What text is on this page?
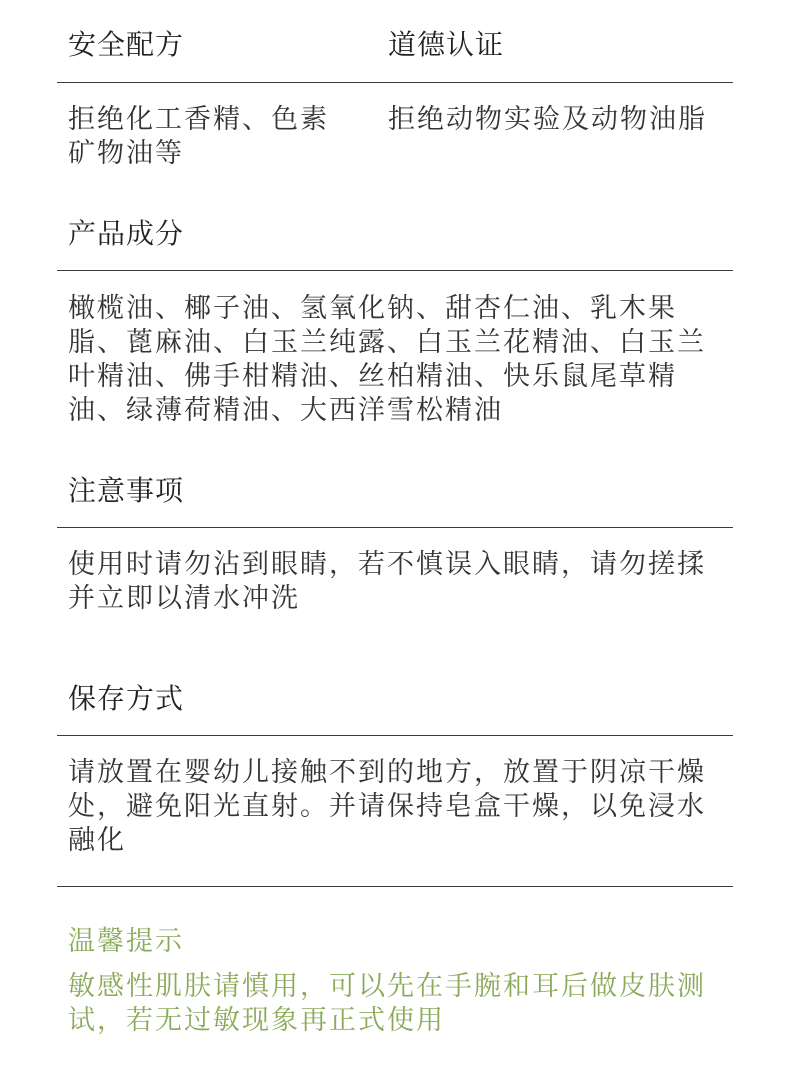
安全配方	道德认证
拒绝化工香精、色素
矿物油等
拒绝动物实验及动物油脂
产品成分

橄榄油、椰子油、氢氧化钠、甜杏仁油、乳木果脂、蓖麻油、白玉兰纯露、白玉兰花精油、白玉兰叶精油、佛手柑精油、丝柏精油、快乐鼠尾草精油、绿薄荷精油、大西洋雪松精油

注意事项

使用时请勿沾到眼睛，若不慎误入眼睛，请勿搓揉并立即以清水冲洗

保存方式

请放置在婴幼儿接触不到的地方，放置于阴凉干燥处，避免阳光直射。并请保持皂盒干燥，以免浸水融化

温馨提示

敏感性肌肤请慎用，可以先在手腕和耳后做皮肤测试，若无过敏现象再正式使用
